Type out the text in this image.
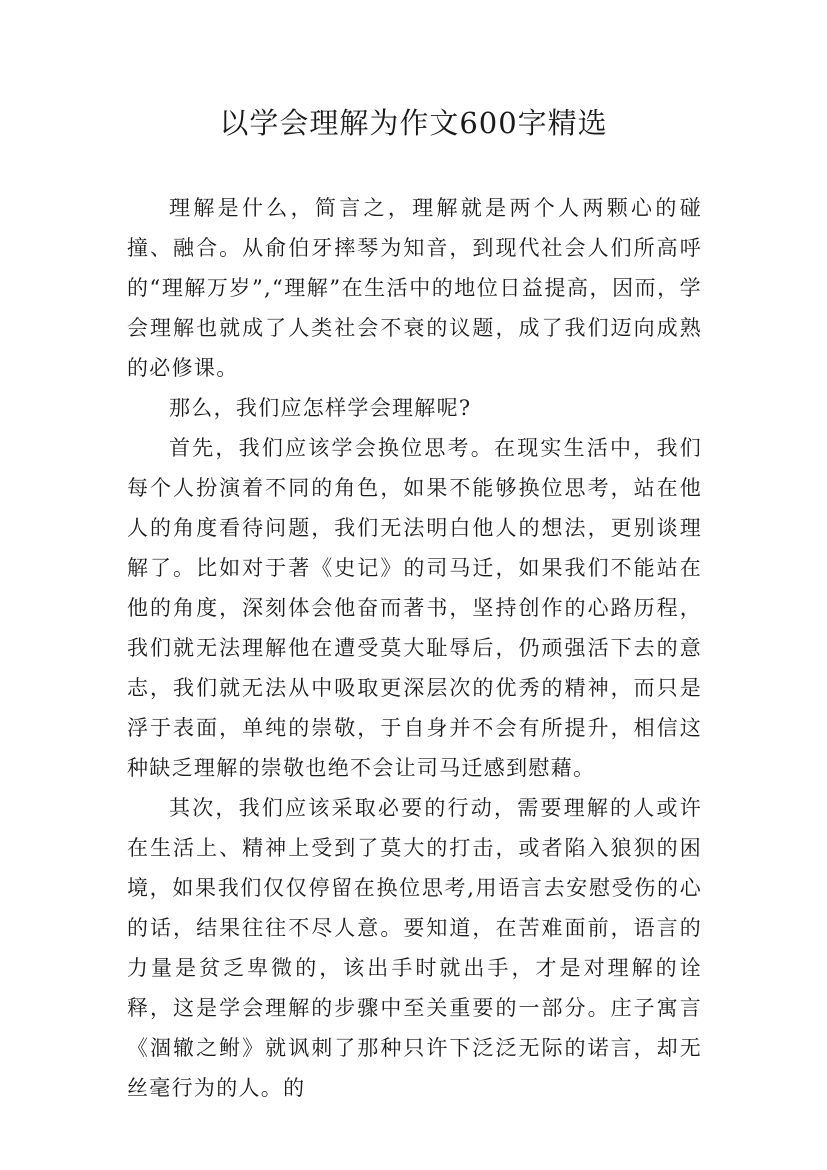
以学会理解为作文600字精选

理解是什么，简言之，理解就是两个人两颗心的碰撞、融合。从俞伯牙摔琴为知音，到现代社会人们所高呼的“理解万岁”,“理解”在生活中的地位日益提高，因而，学会理解也就成了人类社会不衰的议题，成了我们迈向成熟的必修课。

那么，我们应怎样学会理解呢?

首先，我们应该学会换位思考。在现实生活中，我们每个人扮演着不同的角色，如果不能够换位思考，站在他人的角度看待问题，我们无法明白他人的想法，更别谈理解了。比如对于著《史记》的司马迁，如果我们不能站在他的角度，深刻体会他奋而著书，坚持创作的心路历程，我们就无法理解他在遭受莫大耻辱后，仍顽强活下去的意志，我们就无法从中吸取更深层次的优秀的精神，而只是浮于表面，单纯的崇敬，于自身并不会有所提升，相信这种缺乏理解的崇敬也绝不会让司马迁感到慰藉。

其次，我们应该采取必要的行动，需要理解的人或许在生活上、精神上受到了莫大的打击，或者陷入狼狈的困境，如果我们仅仅停留在换位思考,用语言去安慰受伤的心的话，结果往往不尽人意。要知道，在苦难面前，语言的力量是贫乏卑微的，该出手时就出手，才是对理解的诠释，这是学会理解的步骤中至关重要的一部分。庄子寓言《涸辙之鲋》就讽刺了那种只许下泛泛无际的诺言，却无丝毫行为的人。的
